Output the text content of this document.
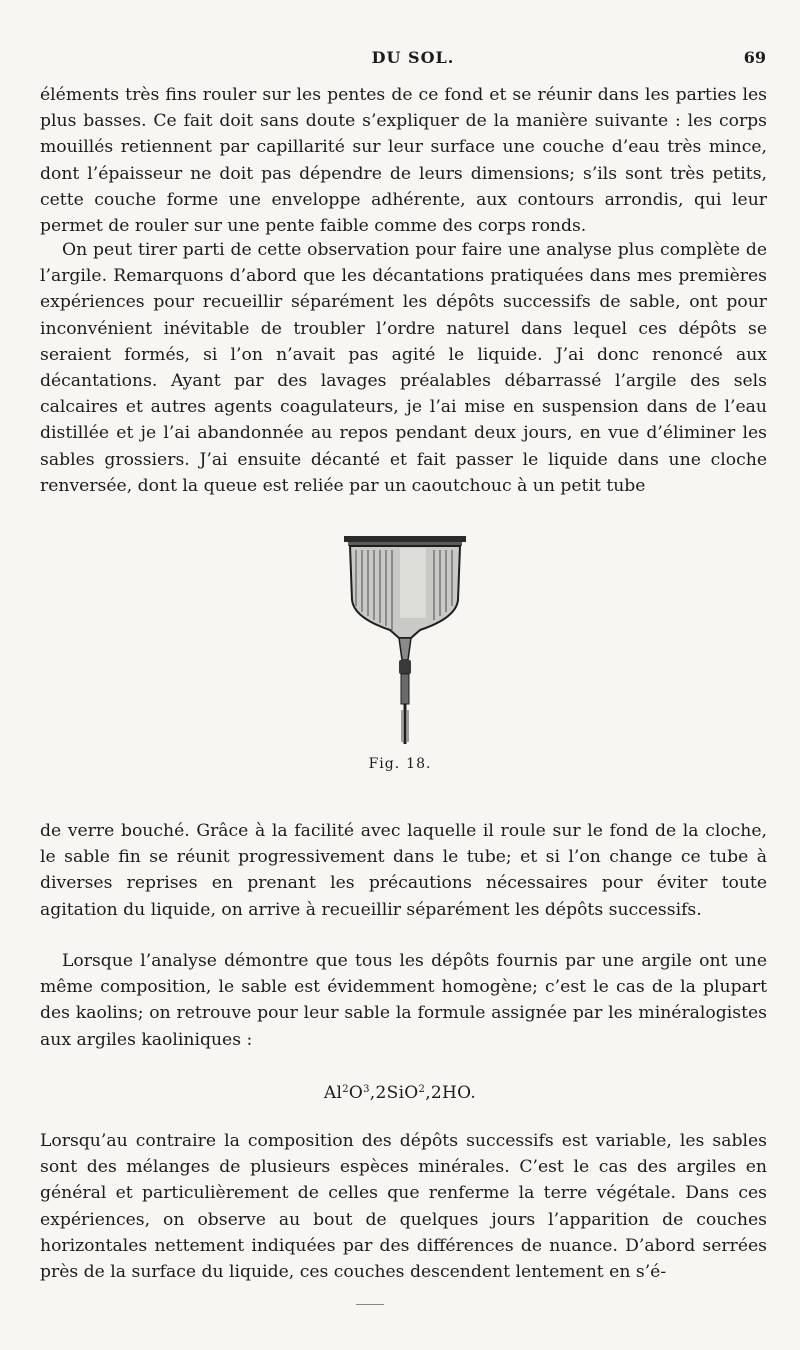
DU SOL.	69

éléments très fins rouler sur les pentes de ce fond et se réunir dans les parties les plus basses. Ce fait doit sans doute s’expliquer de la manière suivante : les corps mouillés retiennent par capillarité sur leur surface une couche d’eau très mince, dont l’épaisseur ne doit pas dépendre de leurs dimensions; s’ils sont très petits, cette couche forme une enveloppe adhérente, aux contours arrondis, qui leur permet de rouler sur une pente faible comme des corps ronds.

On peut tirer parti de cette observation pour faire une analyse plus complète de l’argile. Remarquons d’abord que les décantations pratiquées dans mes premières expériences pour recueillir séparément les dépôts successifs de sable, ont pour inconvénient inévitable de troubler l’ordre naturel dans lequel ces dépôts se seraient formés, si l’on n’avait pas agité le liquide. J’ai donc renoncé aux décantations. Ayant par des lavages préalables débarrassé l’argile des sels calcaires et autres agents coagulateurs, je l’ai mise en suspension dans de l’eau distillée et je l’ai abandonnée au repos pendant deux jours, en vue d’éliminer les sables grossiers. J’ai ensuite décanté et fait passer le liquide dans une cloche renversée, dont la queue est reliée par un caoutchouc à un petit tube

Fig. 18.

de verre bouché. Grâce à la facilité avec laquelle il roule sur le fond de la cloche, le sable fin se réunit progressivement dans le tube; et si l’on change ce tube à diverses reprises en prenant les précautions nécessaires pour éviter toute agitation du liquide, on arrive à recueillir séparément les dépôts successifs.

Lorsque l’analyse démontre que tous les dépôts fournis par une argile ont une même composition, le sable est évidemment homogène; c’est le cas de la plupart des kaolins; on retrouve pour leur sable la formule assignée par les minéralogistes aux argiles kaoliniques :

$Al^2O^3,2SiO^2,2HO$.

Lorsqu’au contraire la composition des dépôts successifs est variable, les sables sont des mélanges de plusieurs espèces minérales. C’est le cas des argiles en général et particulièrement de celles que renferme la terre végétale. Dans ces expériences, on observe au bout de quelques jours l’apparition de couches horizontales nettement indiquées par des différences de nuance. D’abord serrées près de la surface du liquide, ces couches descendent lentement en s’é-
